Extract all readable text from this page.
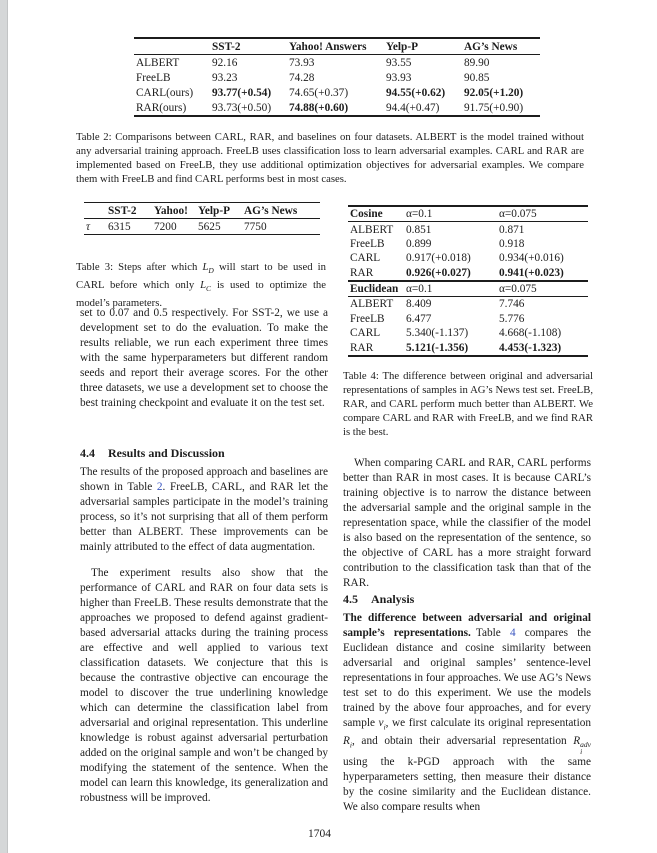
	SST-2	Yahoo! Answers	Yelp-P	AG’s News
ALBERT	92.16	73.93	93.55	89.90
FreeLB	93.23	74.28	93.93	90.85
CARL(ours)	93.77(+0.54)	74.65(+0.37)	94.55(+0.62)	92.05(+1.20)
RAR(ours)	93.73(+0.50)	74.88(+0.60)	94.4(+0.47)	91.75(+0.90)
Table 2: Comparisons between CARL, RAR, and baselines on four datasets. ALBERT is the model trained without any adversarial training approach. FreeLB uses classification loss to learn adversarial examples. CARL and RAR are implemented based on FreeLB, they use additional optimization objectives for adversarial examples. We compare them with FreeLB and find CARL performs best in most cases.
	SST-2	Yahoo!	Yelp-P	AG’s News
τ	6315	7200	5625	7750
Table 3: Steps after which $L_D$ will start to be used in CARL before which only $L_C$ is used to optimize the model’s parameters.

set to 0.07 and 0.5 respectively. For SST-2, we use a development set to do the evaluation. To make the results reliable, we run each experiment three times with the same hyperparameters but different random seeds and report their average scores. For the other three datasets, we use a development set to choose the best training checkpoint and evaluate it on the test set.

4.4 Results and Discussion

The results of the proposed approach and baselines are shown in Table 2. FreeLB, CARL, and RAR let the adversarial samples participate in the model’s training process, so it’s not surprising that all of them perform better than ALBERT. These improvements can be mainly attributed to the effect of data augmentation.

The experiment results also show that the performance of CARL and RAR on four data sets is higher than FreeLB. These results demonstrate that the approaches we proposed to defend against gradient-based adversarial attacks during the training process are effective and well applied to various text classification datasets. We conjecture that this is because the contrastive objective can encourage the model to discover the true underlining knowledge which can determine the classification label from adversarial and original representation. This underline knowledge is robust against adversarial perturbation added on the original sample and won’t be changed by modifying the statement of the sentence. When the model can learn this knowledge, its generalization and robustness will be improved.

Cosine	α=0.1	α=0.075
ALBERT	0.851	0.871
FreeLB	0.899	0.918
CARL	0.917(+0.018)	0.934(+0.016)
RAR	0.926(+0.027)	0.941(+0.023)
Euclidean	α=0.1	α=0.075
ALBERT	8.409	7.746
FreeLB	6.477	5.776
CARL	5.340(-1.137)	4.668(-1.108)
RAR	5.121(-1.356)	4.453(-1.323)
Table 4: The difference between original and adversarial representations of samples in AG’s News test set. FreeLB, RAR, and CARL perform much better than ALBERT. We compare CARL and RAR with FreeLB, and we find RAR is the best.

When comparing CARL and RAR, CARL performs better than RAR in most cases. It is because CARL’s training objective is to narrow the distance between the adversarial sample and the original sample in the representation space, while the classifier of the model is also based on the representation of the sentence, so the objective of CARL has a more straight forward contribution to the classification task than that of the RAR.

4.5 Analysis

The difference between adversarial and original sample’s representations. Table 4 compares the Euclidean distance and cosine similarity between adversarial and original samples’ sentence-level representations in four approaches. We use AG’s News test set to do this experiment. We use the models trained by the above four approaches, and for every sample $v_i$, we first calculate its original representation $R_i$, and obtain their adversarial representation R adv
i
using the k-PGD approach with the same hyperparameters setting, then measure their distance by the cosine similarity and the Euclidean distance. We also compare results when

1704
